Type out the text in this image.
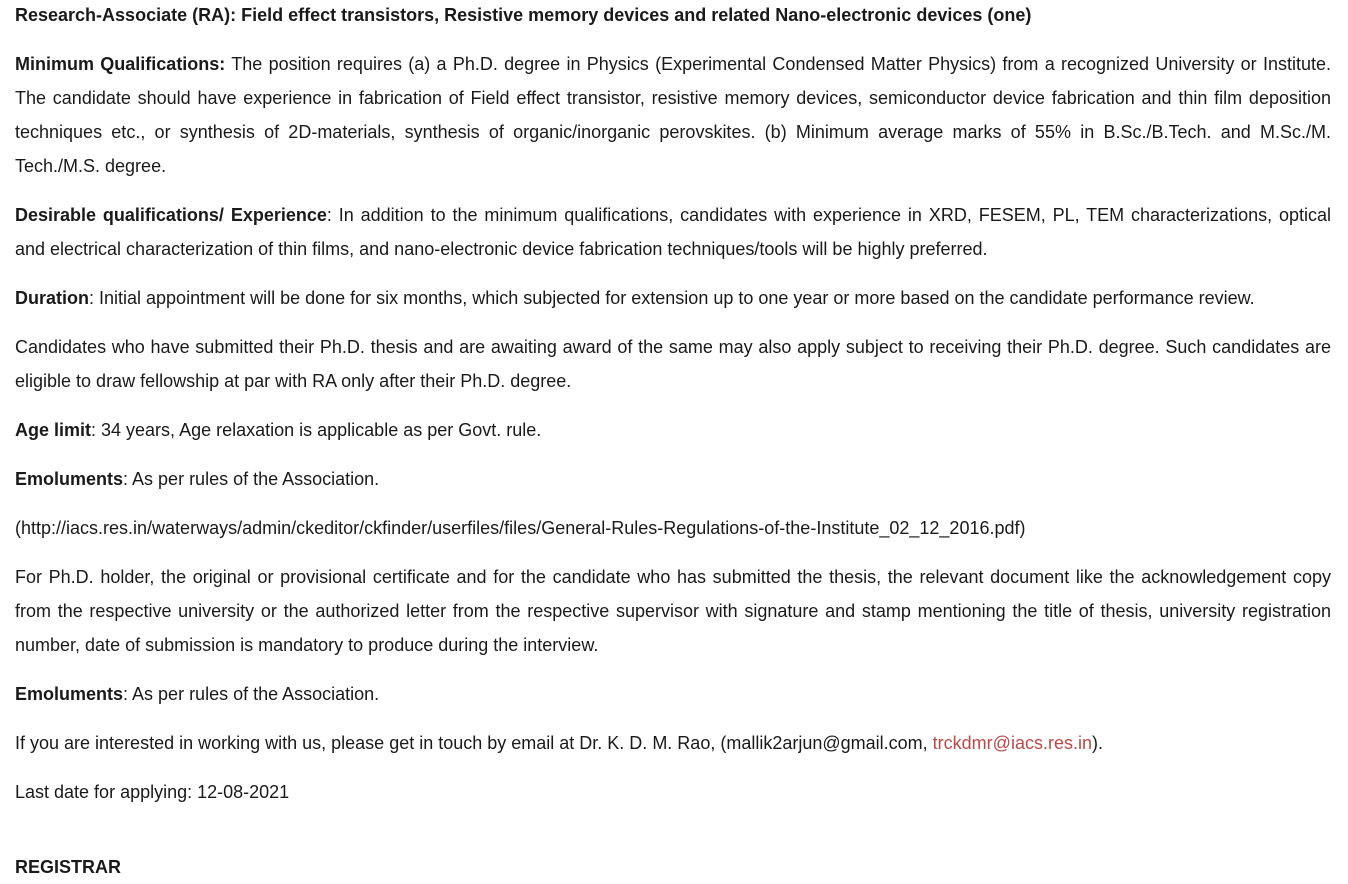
Research-Associate (RA): Field effect transistors, Resistive memory devices and related Nano-electronic devices (one)

Minimum Qualifications: The position requires (a) a Ph.D. degree in Physics (Experimental Condensed Matter Physics) from a recognized University or Institute. The candidate should have experience in fabrication of Field effect transistor, resistive memory devices, semiconductor device fabrication and thin film deposition techniques etc., or synthesis of 2D-materials, synthesis of organic/inorganic perovskites. (b) Minimum average marks of 55% in B.Sc./B.Tech. and M.Sc./M. Tech./M.S. degree.

Desirable qualifications/ Experience: In addition to the minimum qualifications, candidates with experience in XRD, FESEM, PL, TEM characterizations, optical and electrical characterization of thin films, and nano-electronic device fabrication techniques/tools will be highly preferred.

Duration: Initial appointment will be done for six months, which subjected for extension up to one year or more based on the candidate performance review.

Candidates who have submitted their Ph.D. thesis and are awaiting award of the same may also apply subject to receiving their Ph.D. degree. Such candidates are eligible to draw fellowship at par with RA only after their Ph.D. degree.

Age limit: 34 years, Age relaxation is applicable as per Govt. rule.

Emoluments: As per rules of the Association.

(http://iacs.res.in/waterways/admin/ckeditor/ckfinder/userfiles/files/General-Rules-Regulations-of-the-Institute_02_12_2016.pdf)

For Ph.D. holder, the original or provisional certificate and for the candidate who has submitted the thesis, the relevant document like the acknowledgement copy from the respective university or the authorized letter from the respective supervisor with signature and stamp mentioning the title of thesis, university registration number, date of submission is mandatory to produce during the interview.

Emoluments: As per rules of the Association.

If you are interested in working with us, please get in touch by email at Dr. K. D. M. Rao, (mallik2arjun@gmail.com, trckdmr@iacs.res.in).

Last date for applying: 12-08-2021

REGISTRAR
